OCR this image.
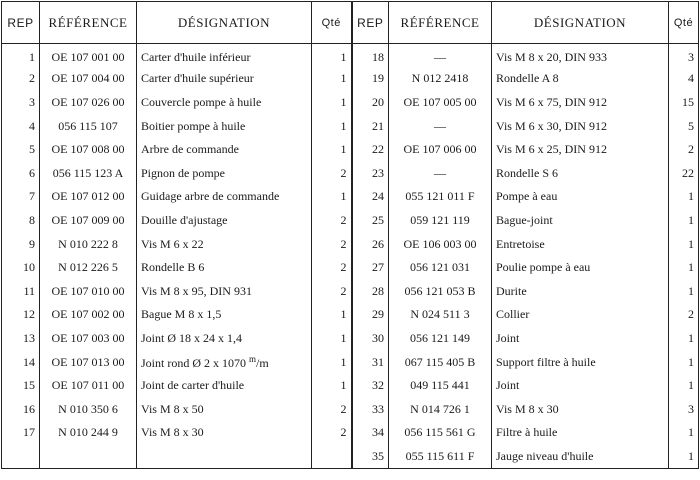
REP	RÉFÉRENCE	DÉSIGNATION	Qté	REP	RÉFÉRENCE	DÉSIGNATION	Qté
1	OE 107 001 00	Carter d'huile inférieur	1	18	—	Vis M 8 x 20, DIN 933	3
2	OE 107 004 00	Carter d'huile supérieur	1	19	N 012 2418	Rondelle A 8	4
3	OE 107 026 00	Couvercle pompe à huile	1	20	OE 107 005 00	Vis M 6 x 75, DIN 912	15
4	056 115 107	Boitier pompe à huile	1	21	—	Vis M 6 x 30, DIN 912	5
5	OE 107 008 00	Arbre de commande	1	22	OE 107 006 00	Vis M 6 x 25, DIN 912	2
6	056 115 123 A	Pignon de pompe	2	23	—	Rondelle S 6	22
7	OE 107 012 00	Guidage arbre de commande	1	24	055 121 011 F	Pompe à eau	1
8	OE 107 009 00	Douille d'ajustage	2	25	059 121 119	Bague-joint	1
9	N 010 222 8	Vis M 6 x 22	2	26	OE 106 003 00	Entretoise	1
10	N 012 226 5	Rondelle B 6	2	27	056 121 031	Poulie pompe à eau	1
11	OE 107 010 00	Vis M 8 x 95, DIN 931	2	28	056 121 053 B	Durite	1
12	OE 107 002 00	Bague M 8 x 1,5	1	29	N 024 511 3	Collier	2
13	OE 107 003 00	Joint Ø 18 x 24 x 1,4	1	30	056 121 149	Joint	1
14	OE 107 013 00	Joint rond Ø 2 x 1070 $^m$/m	1	31	067 115 405 B	Support filtre à huile	1
15	OE 107 011 00	Joint de carter d'huile	1	32	049 115 441	Joint	1
16	N 010 350 6	Vis M 8 x 50	2	33	N 014 726 1	Vis M 8 x 30	3
17	N 010 244 9	Vis M 8 x 30	2	34	056 115 561 G	Filtre à huile	1
				35	055 115 611 F	Jauge niveau d'huile	1
